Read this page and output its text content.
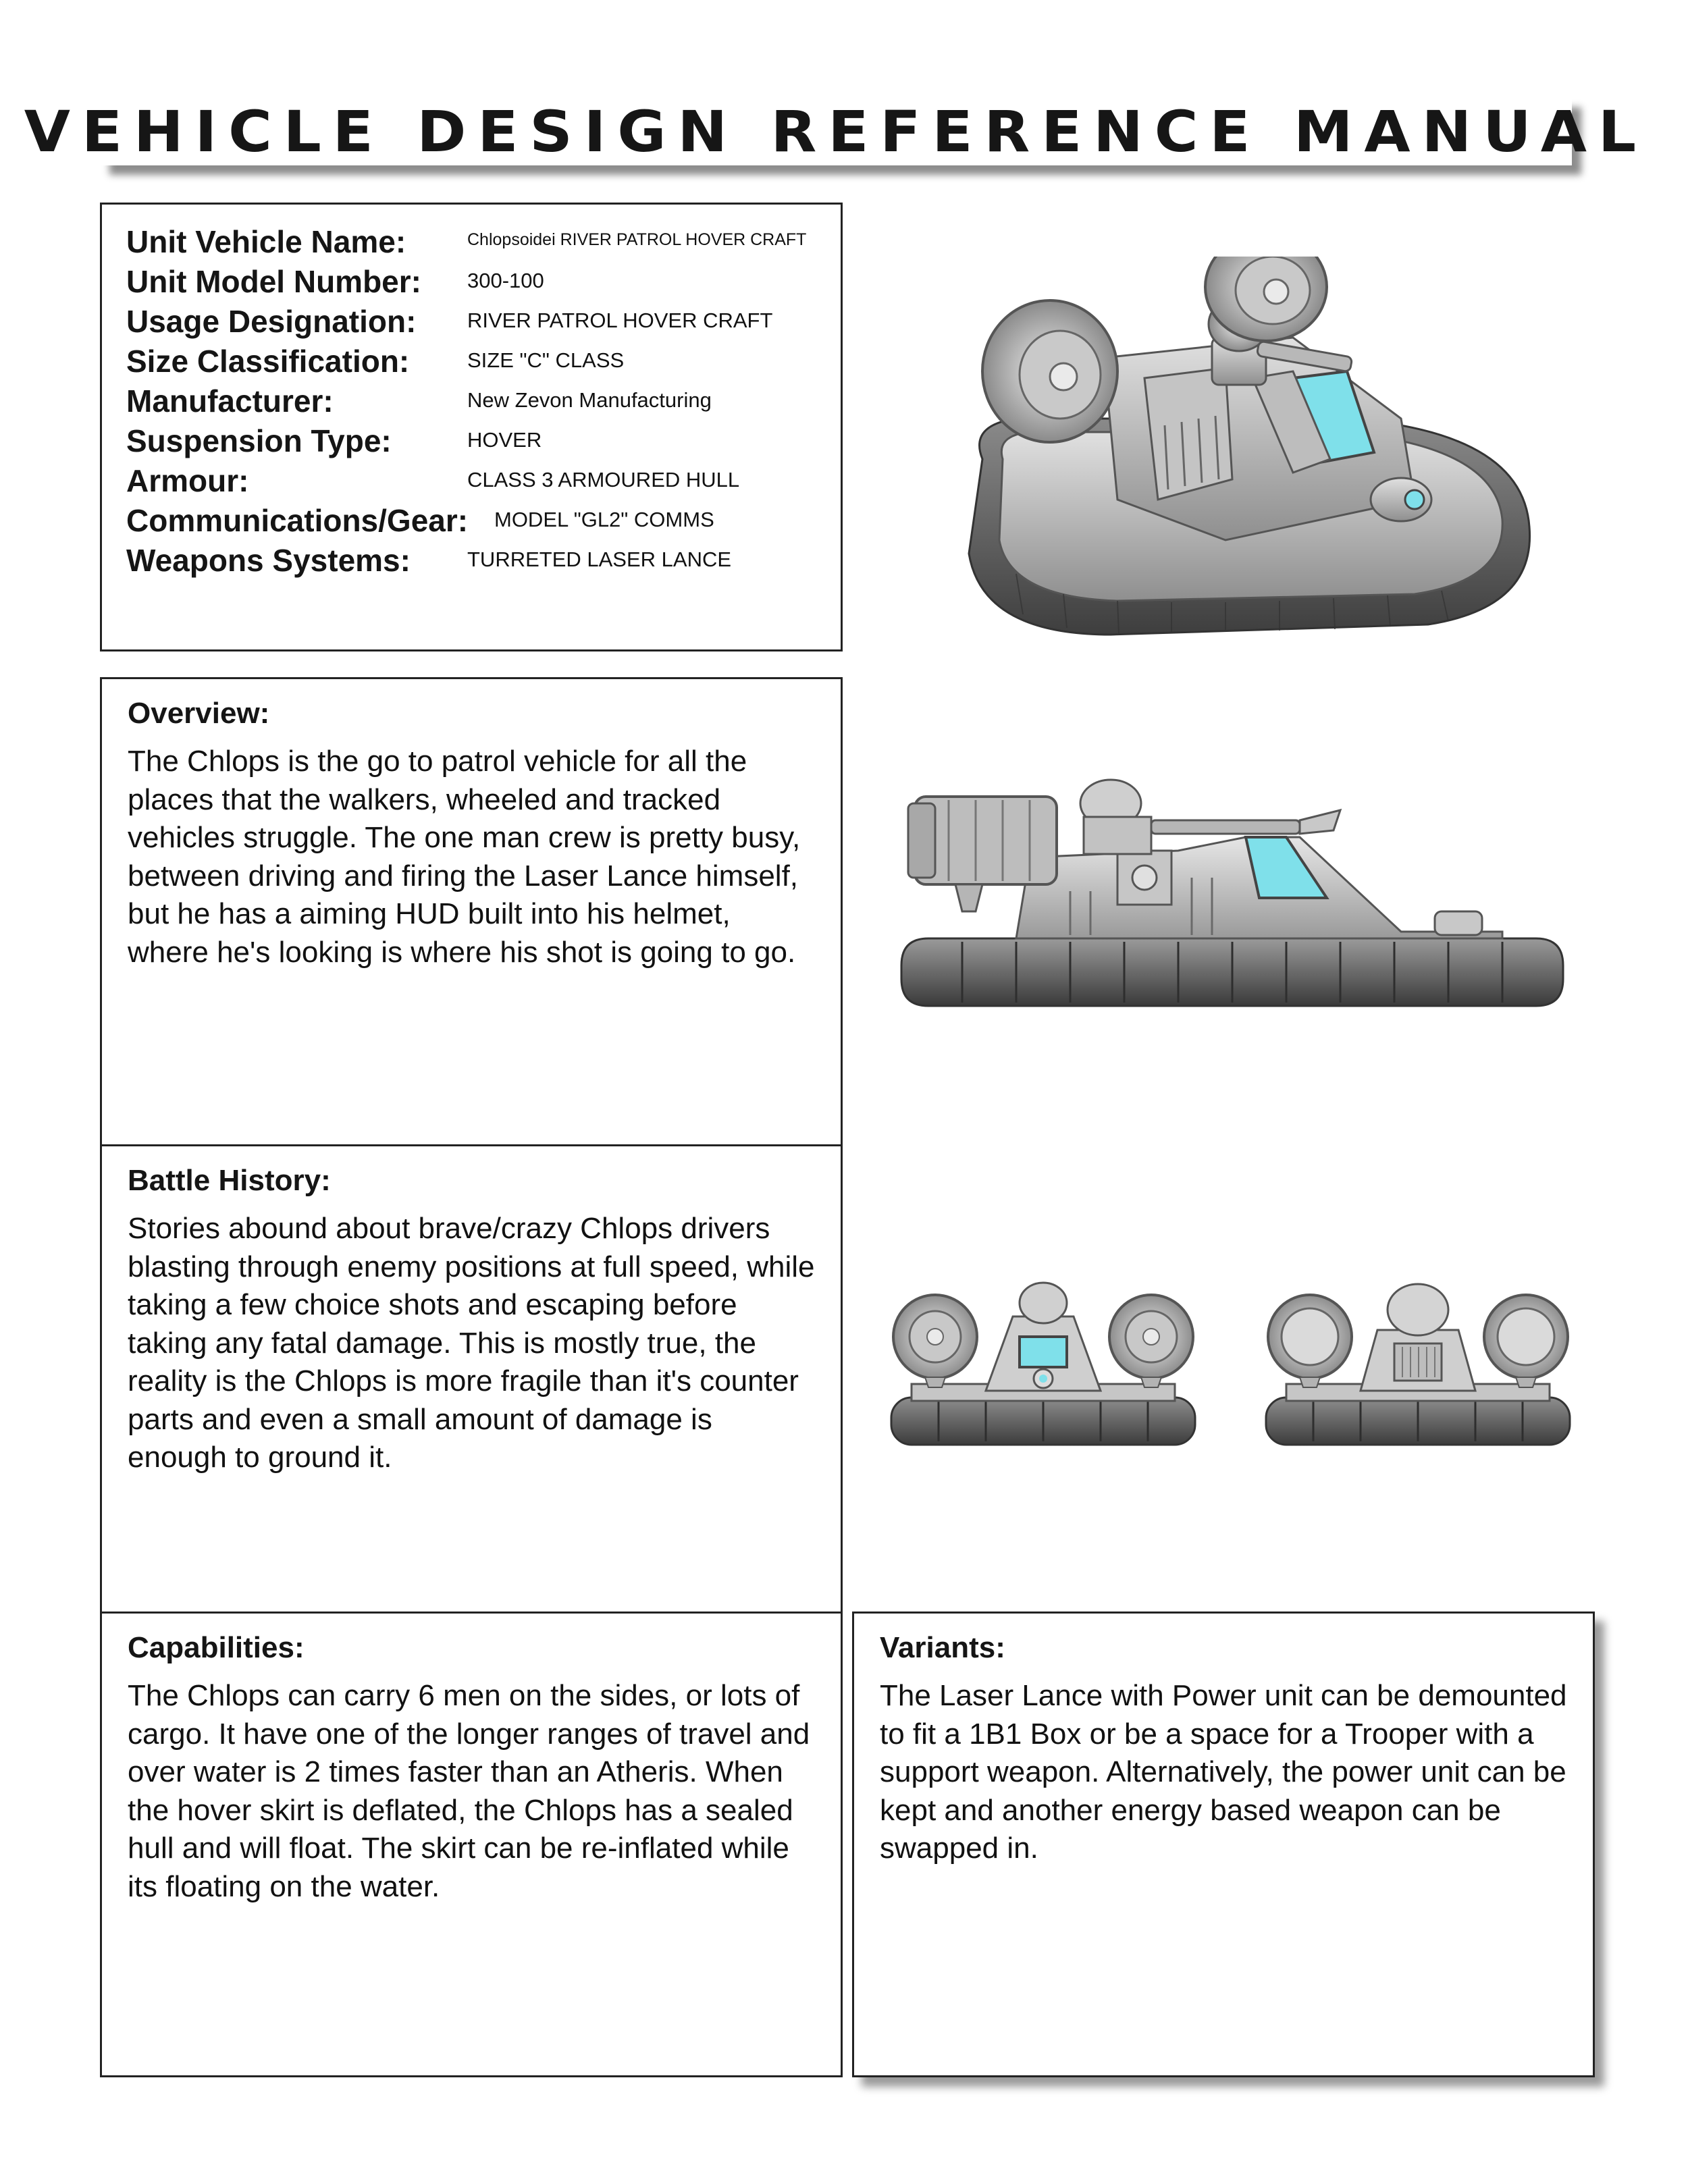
VEHICLE DESIGN REFERENCE MANUAL
Unit Vehicle Name:	Chlopsoidei RIVER PATROL HOVER CRAFT
Unit Model Number: 300-100
Usage Designation: RIVER PATROL HOVER CRAFT
Size Classification:	SIZE "C" CLASS
Manufacturer:	New Zevon Manufacturing
Suspension Type:	HOVER
Armour:	CLASS 3 ARMOURED HULL
Communications/Gear: MODEL "GL2" COMMS
Weapons Systems:	TURRETED LASER LANCE
Overview:

The Chlops is the go to patrol vehicle for all the places that the walkers, wheeled and tracked vehicles struggle. The one man crew is pretty busy, between driving and firing the Laser Lance himself, but he has a aiming HUD built into his helmet, where he's looking is where his shot is going to go.

Battle History:

Stories abound about brave/crazy Chlops drivers blasting through enemy positions at full speed, while taking a few choice shots and escaping before taking any fatal damage. This is mostly true, the reality is the Chlops is more fragile than it's counter parts and even a small amount of damage is enough to ground it.

Capabilities:

The Chlops can carry 6 men on the sides, or lots of cargo. It have one of the longer ranges of travel and over water is 2 times faster than an Atheris. When the hover skirt is deflated, the Chlops has a sealed hull and will float. The skirt can be re-inflated while its floating on the water.

Variants:

The Laser Lance with Power unit can be demounted to fit a 1B1 Box or be a space for a Trooper with a support weapon. Alternatively, the power unit can be kept and another energy based weapon can be swapped in.
